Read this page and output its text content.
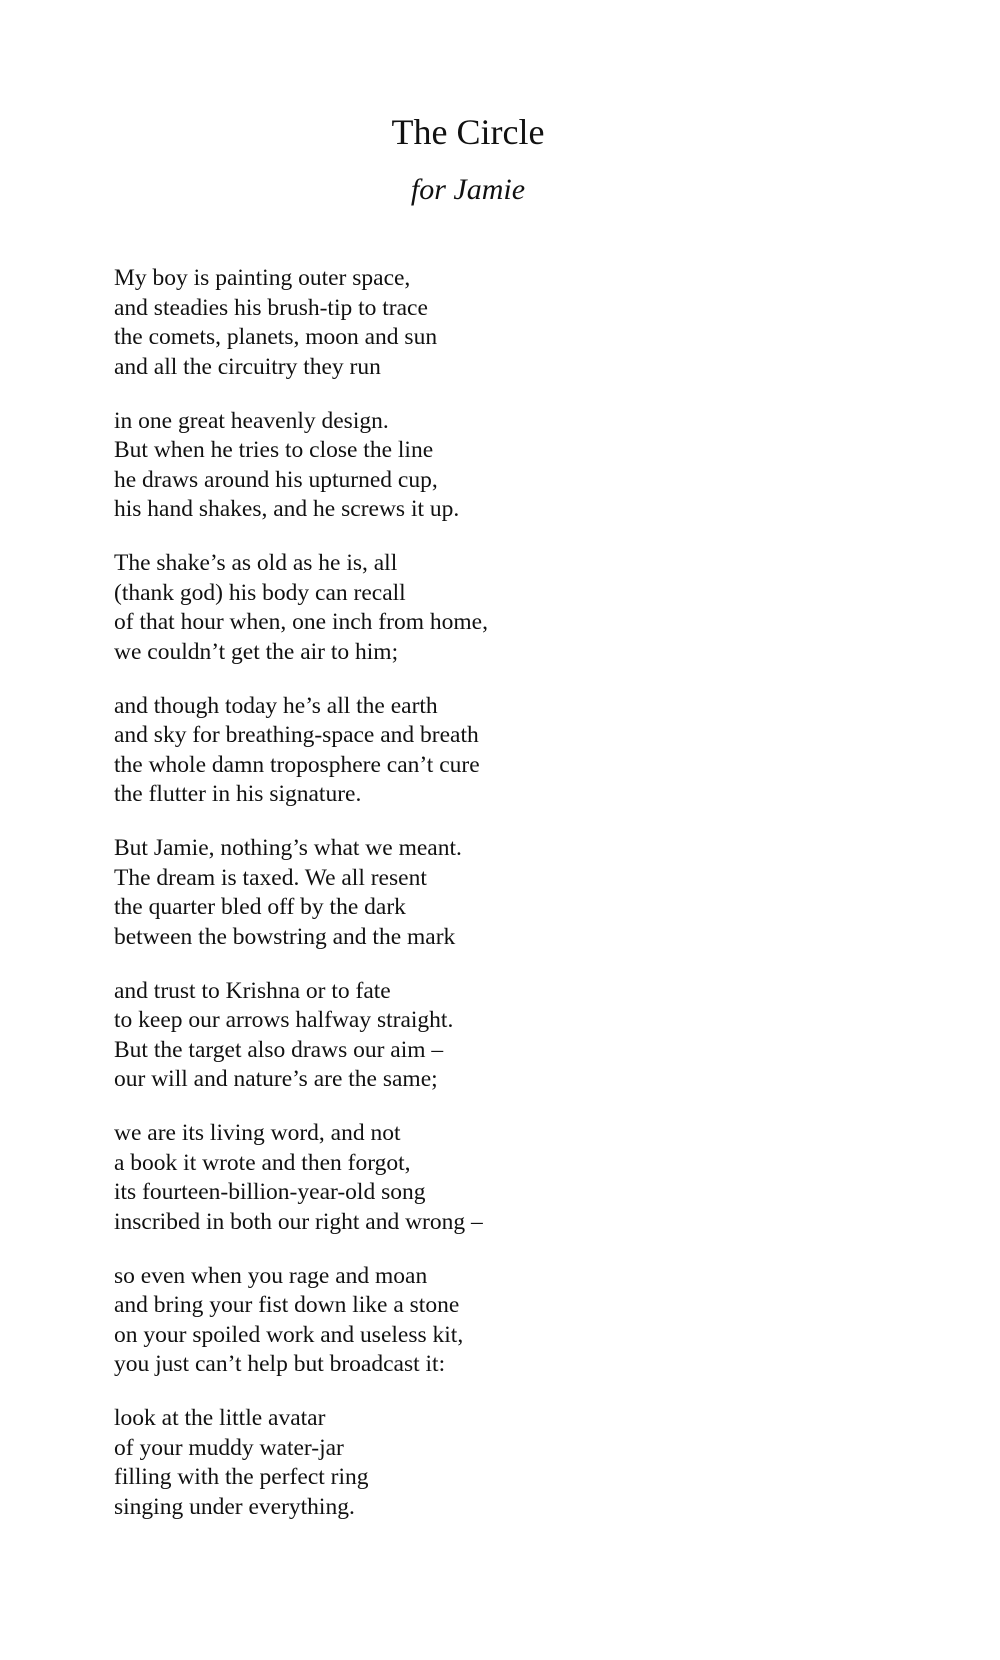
The Circle
for Jamie
My boy is painting outer space,
and steadies his brush-tip to trace
the comets, planets, moon and sun
and all the circuitry they run
in one great heavenly design.
But when he tries to close the line
he draws around his upturned cup,
his hand shakes, and he screws it up.
The shake’s as old as he is, all
(thank god) his body can recall
of that hour when, one inch from home,
we couldn’t get the air to him;
and though today he’s all the earth
and sky for breathing-space and breath
the whole damn troposphere can’t cure
the flutter in his signature.
But Jamie, nothing’s what we meant.
The dream is taxed. We all resent
the quarter bled off by the dark
between the bowstring and the mark
and trust to Krishna or to fate
to keep our arrows halfway straight.
But the target also draws our aim –
our will and nature’s are the same;
we are its living word, and not
a book it wrote and then forgot,
its fourteen-billion-year-old song
inscribed in both our right and wrong –
so even when you rage and moan
and bring your fist down like a stone
on your spoiled work and useless kit,
you just can’t help but broadcast it:
look at the little avatar
of your muddy water-jar
filling with the perfect ring
singing under everything.
